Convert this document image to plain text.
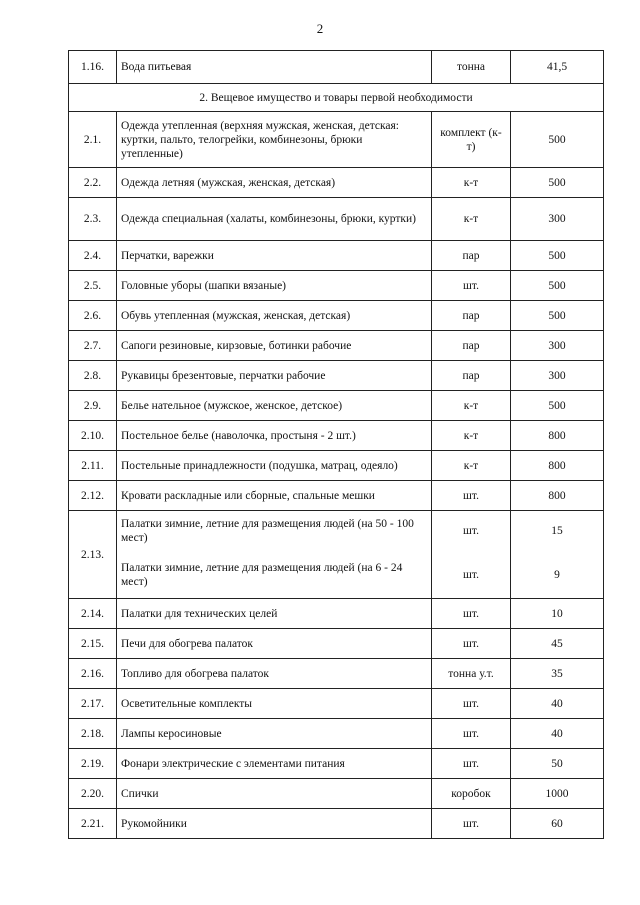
2
1.16.	Вода питьевая	тонна	41,5
2. Вещевое имущество и товары первой необходимости			
2.1.	Одежда утепленная (верхняя мужская, женская, детская: куртки, пальто, телогрейки, комбинезоны, брюки утепленные)	комплект (к-т)	500
2.2.	Одежда летняя (мужская, женская, детская)	к-т	500
2.3.	Одежда специальная (халаты, комбинезоны, брюки, куртки)	к-т	300
2.4.	Перчатки, варежки	пар	500
2.5.	Головные уборы (шапки вязаные)	шт.	500
2.6.	Обувь утепленная (мужская, женская, детская)	пар	500
2.7.	Сапоги резиновые, кирзовые, ботинки рабочие	пар	300
2.8.	Рукавицы брезентовые, перчатки рабочие	пар	300
2.9.	Белье нательное (мужское, женское, детское)	к-т	500
2.10.	Постельное белье (наволочка, простыня - 2 шт.)	к-т	800
2.11.	Постельные принадлежности (подушка, матрац, одеяло)	к-т	800
2.12.	Кровати раскладные или сборные, спальные мешки	шт.	800
2.13.	Палатки зимние, летние для размещения людей (на 50 - 100 мест)	шт.	15
	Палатки зимние, летние для размещения людей (на 6 - 24 мест)	шт.	9
2.14.	Палатки для технических целей	шт.	10
2.15.	Печи для обогрева палаток	шт.	45
2.16.	Топливо для обогрева палаток	тонна у.т.	35
2.17.	Осветительные комплекты	шт.	40
2.18.	Лампы керосиновые	шт.	40
2.19.	Фонари электрические с элементами питания	шт.	50
2.20.	Спички	коробок	1000
2.21.	Рукомойники	шт.	60
